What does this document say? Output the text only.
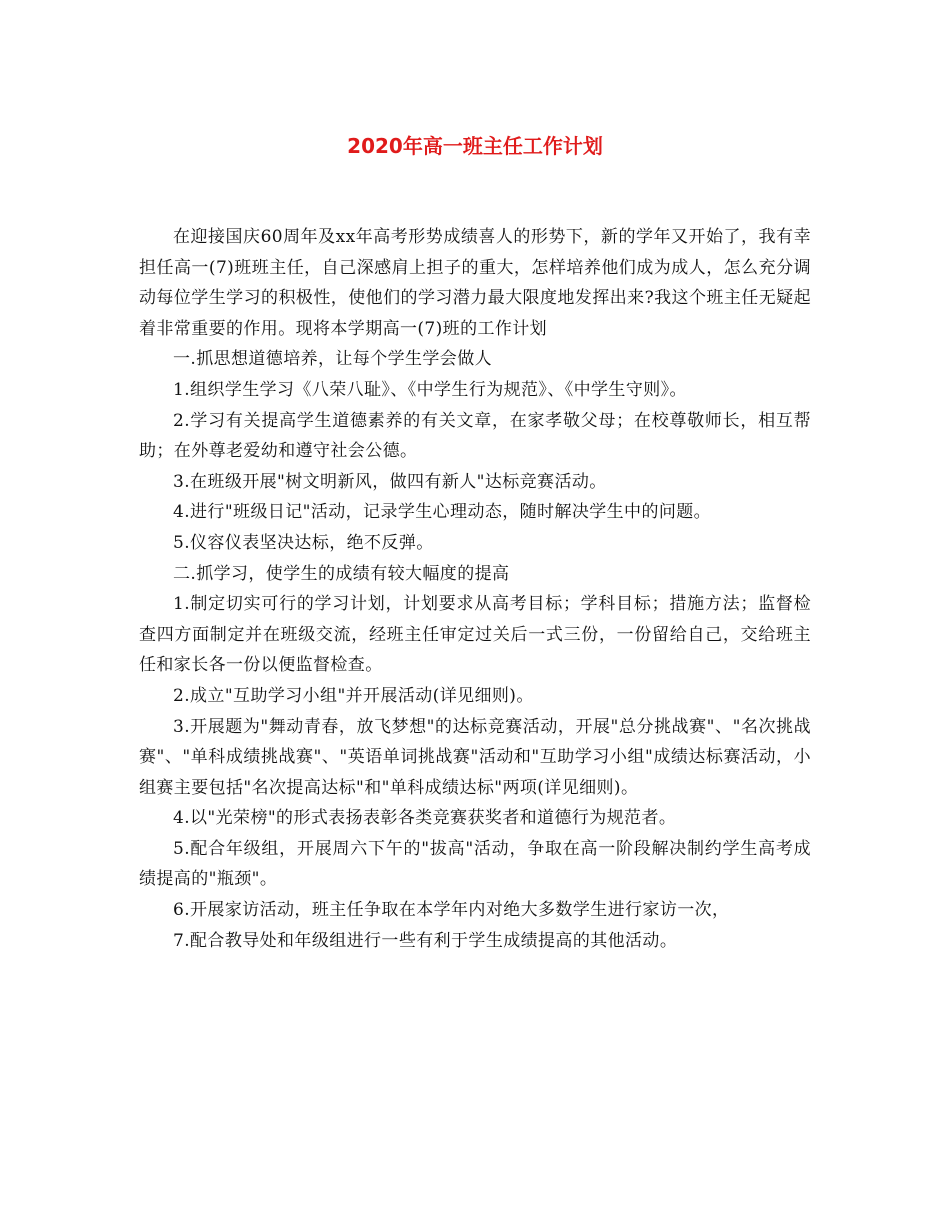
2020年高一班主任工作计划

在迎接国庆60周年及xx年高考形势成绩喜人的形势下，新的学年又开始了，我有幸担任高一(7)班班主任，自己深感肩上担子的重大，怎样培养他们成为成人，怎么充分调动每位学生学习的积极性，使他们的学习潜力最大限度地发挥出来?我这个班主任无疑起着非常重要的作用。现将本学期高一(7)班的工作计划

一.抓思想道德培养，让每个学生学会做人

1.组织学生学习《八荣八耻》、《中学生行为规范》、《中学生守则》。

2.学习有关提高学生道德素养的有关文章，在家孝敬父母；在校尊敬师长，相互帮助；在外尊老爱幼和遵守社会公德。

3.在班级开展"树文明新风，做四有新人"达标竞赛活动。

4.进行"班级日记"活动，记录学生心理动态，随时解决学生中的问题。

5.仪容仪表坚决达标，绝不反弹。

二.抓学习，使学生的成绩有较大幅度的提高

1.制定切实可行的学习计划，计划要求从高考目标；学科目标；措施方法；监督检查四方面制定并在班级交流，经班主任审定过关后一式三份，一份留给自己，交给班主任和家长各一份以便监督检查。

2.成立"互助学习小组"并开展活动(详见细则)。

3.开展题为"舞动青春，放飞梦想"的达标竞赛活动，开展"总分挑战赛"、"名次挑战赛"、"单科成绩挑战赛"、"英语单词挑战赛"活动和"互助学习小组"成绩达标赛活动，小组赛主要包括"名次提高达标"和"单科成绩达标"两项(详见细则)。

4.以"光荣榜"的形式表扬表彰各类竞赛获奖者和道德行为规范者。

5.配合年级组，开展周六下午的"拔高"活动，争取在高一阶段解决制约学生高考成绩提高的"瓶颈"。

6.开展家访活动，班主任争取在本学年内对绝大多数学生进行家访一次，

7.配合教导处和年级组进行一些有利于学生成绩提高的其他活动。
